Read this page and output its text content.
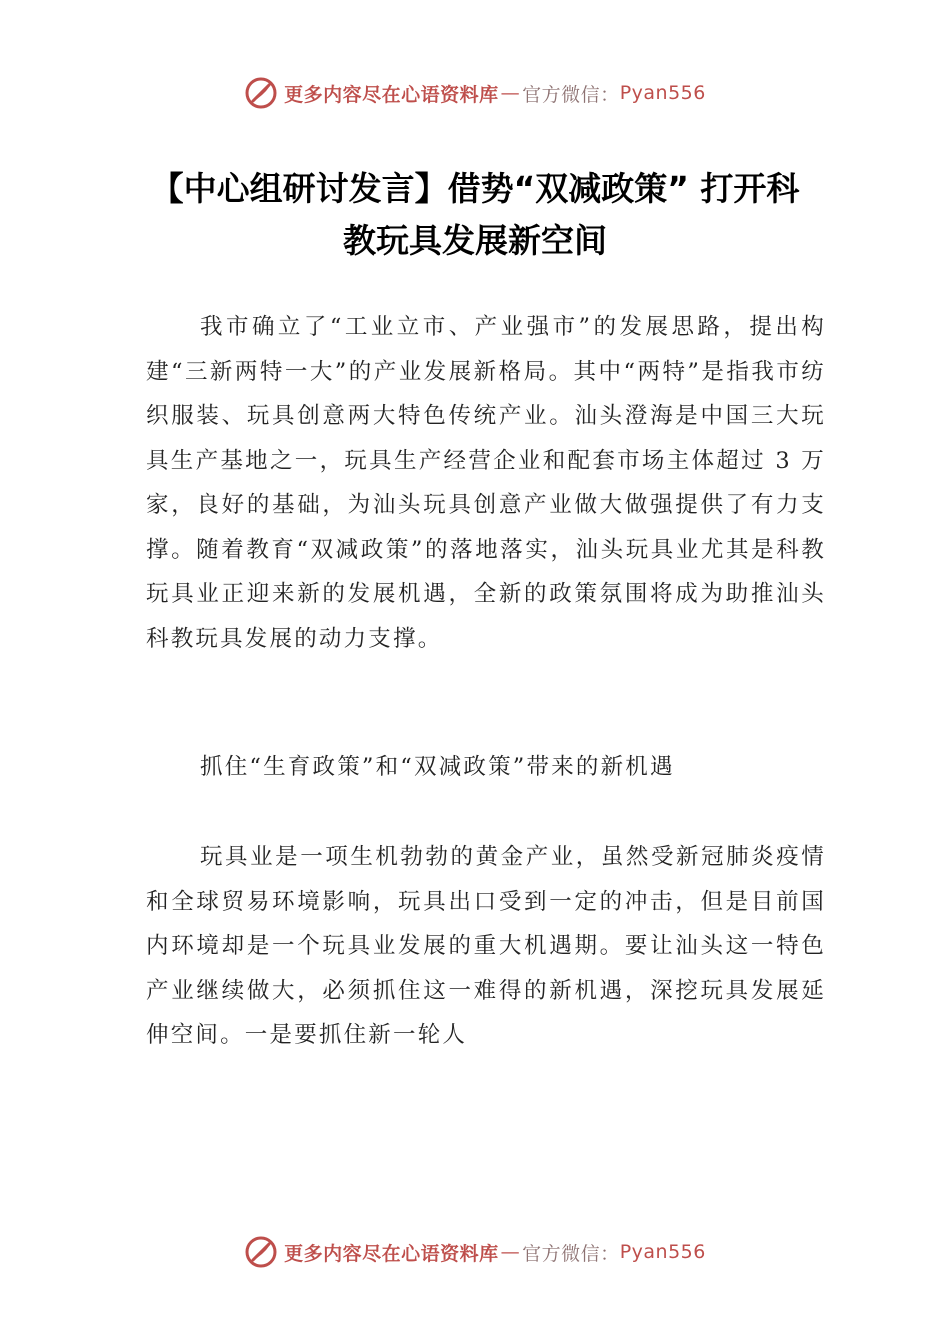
更多内容尽在心语资料库 — 官方微信： Pyan556
【中心组研讨发言】借势“双减政策” 打开科教玩具发展新空间

我市确立了“工业立市、产业强市”的发展思路，提出构建“三新两特一大”的产业发展新格局。其中“两特”是指我市纺织服装、玩具创意两大特色传统产业。汕头澄海是中国三大玩具生产基地之一，玩具生产经营企业和配套市场主体超过 3 万家，良好的基础，为汕头玩具创意产业做大做强提供了有力支撑。随着教育“双减政策”的落地落实，汕头玩具业尤其是科教玩具业正迎来新的发展机遇，全新的政策氛围将成为助推汕头科教玩具发展的动力支撑。

抓住“生育政策”和“双减政策”带来的新机遇

玩具业是一项生机勃勃的黄金产业，虽然受新冠肺炎疫情和全球贸易环境影响，玩具出口受到一定的冲击，但是目前国内环境却是一个玩具业发展的重大机遇期。要让汕头这一特色产业继续做大，必须抓住这一难得的新机遇，深挖玩具发展延伸空间。一是要抓住新一轮人

更多内容尽在心语资料库 — 官方微信： Pyan556
